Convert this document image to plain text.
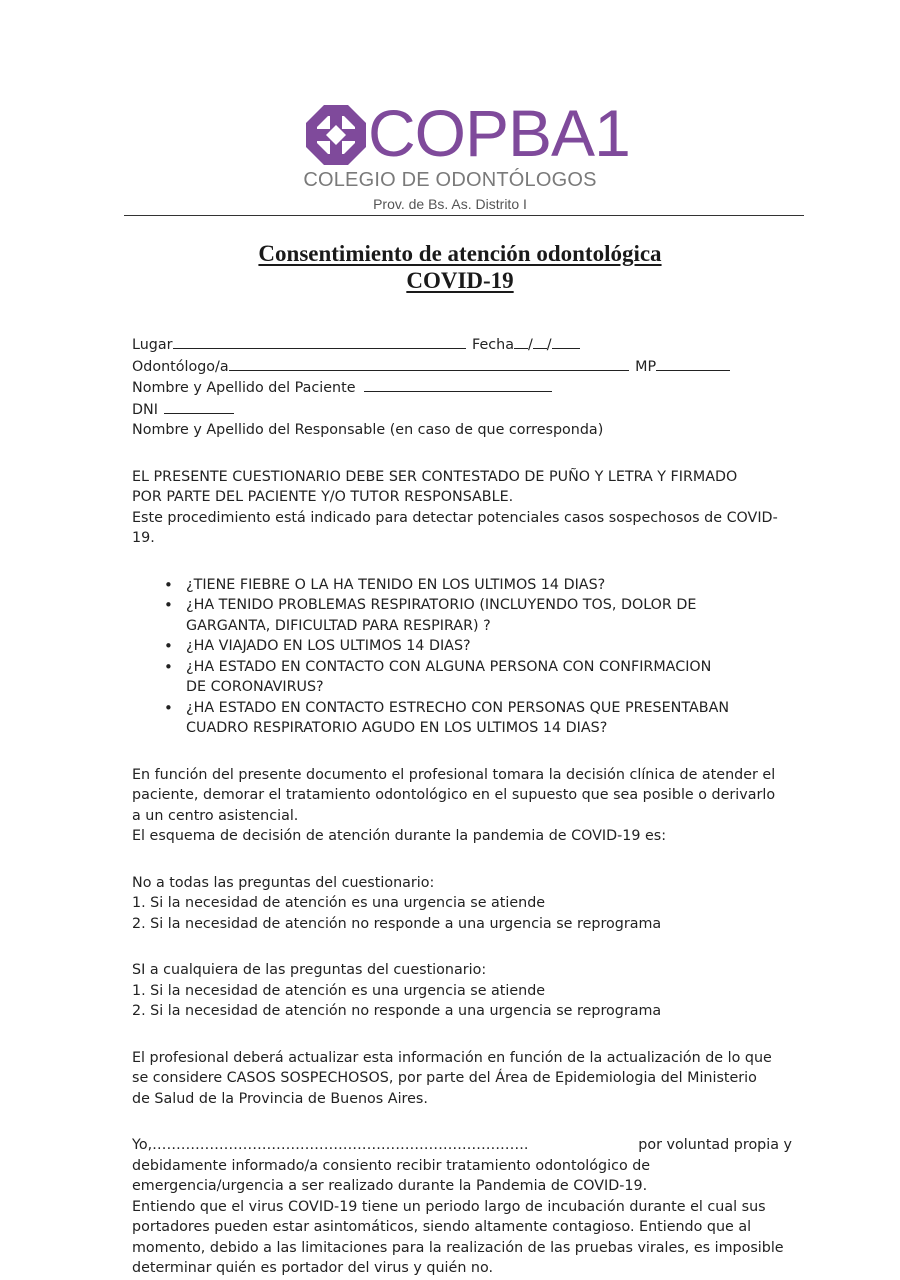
COPBA1
COLEGIO DE ODONTÓLOGOS
Prov. de Bs. As. Distrito I
Consentimiento de atención odontológica
COVID-19
Lugar	Fecha / /
Odontólogo/a	MP
Nombre y Apellido del Paciente
DNI
Nombre y Apellido del Responsable (en caso de que corresponda)
EL PRESENTE CUESTIONARIO DEBE SER CONTESTADO DE PUÑO Y LETRA Y FIRMADO
POR PARTE DEL PACIENTE Y/O TUTOR RESPONSABLE.
Este procedimiento está indicado para detectar potenciales casos sospechosos de COVID-
19.
• ¿TIENE FIEBRE O LA HA TENIDO EN LOS ULTIMOS 14 DIAS?
• ¿HA TENIDO PROBLEMAS RESPIRATORIO (INCLUYENDO TOS, DOLOR DE
GARGANTA, DIFICULTAD PARA RESPIRAR) ?
• ¿HA VIAJADO EN LOS ULTIMOS 14 DIAS?
• ¿HA ESTADO EN CONTACTO CON ALGUNA PERSONA CON CONFIRMACION
DE CORONAVIRUS?
• ¿HA ESTADO EN CONTACTO ESTRECHO CON PERSONAS QUE PRESENTABAN
CUADRO RESPIRATORIO AGUDO EN LOS ULTIMOS 14 DIAS?
En función del presente documento el profesional tomara la decisión clínica de atender el
paciente, demorar el tratamiento odontológico en el supuesto que sea posible o derivarlo
a un centro asistencial.
El esquema de decisión de atención durante la pandemia de COVID-19 es:
No a todas las preguntas del cuestionario:
1. Si la necesidad de atención es una urgencia se atiende
2. Si la necesidad de atención no responde a una urgencia se reprograma
SI a cualquiera de las preguntas del cuestionario:
1. Si la necesidad de atención es una urgencia se atiende
2. Si la necesidad de atención no responde a una urgencia se reprograma
El profesional deberá actualizar esta información en función de la actualización de lo que
se considere CASOS SOSPECHOSOS, por parte del Área de Epidemiologia del Ministerio
de Salud de la Provincia de Buenos Aires.
Yo,…………………………………………………………………….	por voluntad propia y
debidamente informado/a consiento recibir tratamiento odontológico de
emergencia/urgencia a ser realizado durante la Pandemia de COVID-19.
Entiendo que el virus COVID-19 tiene un periodo largo de incubación durante el cual sus
portadores pueden estar asintomáticos, siendo altamente contagioso. Entiendo que al
momento, debido a las limitaciones para la realización de las pruebas virales, es imposible
determinar quién es portador del virus y quién no.
